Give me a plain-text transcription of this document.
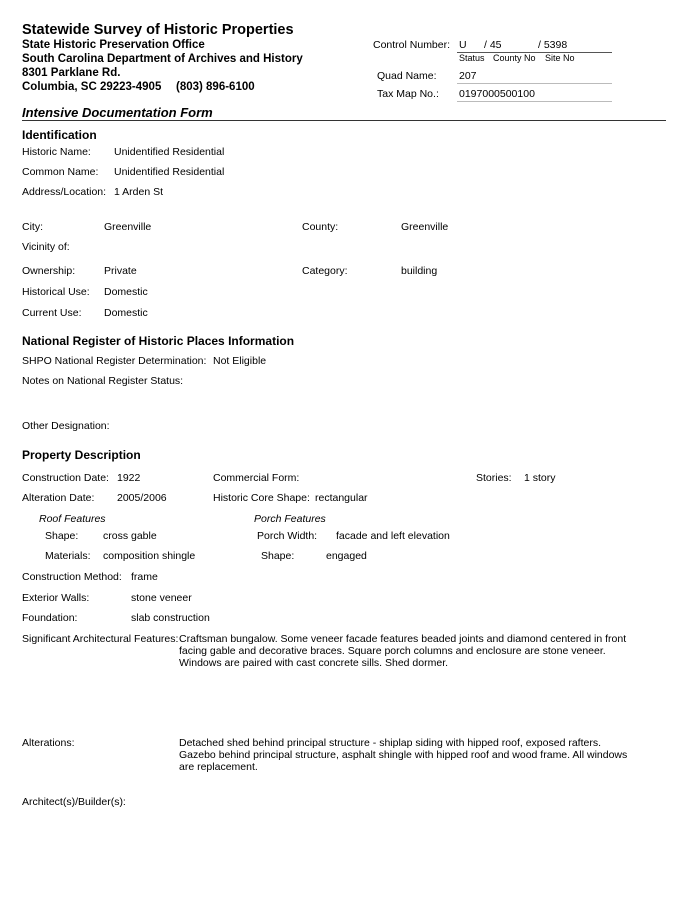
Statewide Survey of Historic Properties
State Historic Preservation Office
South Carolina Department of Archives and History
8301 Parklane Rd.
Columbia, SC 29223-4905 (803) 896-6100
Control Number: U / 45	/ 5398
Status County No Site No
Quad Name: 207
Tax Map No.: 0197000500100
Intensive Documentation Form
Identification
Historic Name: Unidentified Residential
Common Name: Unidentified Residential
Address/Location: 1 Arden St
City:	Greenville	County:	Greenville
Vicinity of:
Ownership:	Private	Category:	building
Historical Use: Domestic
Current Use: Domestic
National Register of Historic Places Information
SHPO National Register Determination: Not Eligible
Notes on National Register Status:
Other Designation:
Property Description
Construction Date: 1922	Commercial Form:	Stories: 1 story
Alteration Date: 2005/2006	Historic Core Shape: rectangular
Roof Features	Porch Features
Shape: cross gable	Porch Width: facade and left elevation
Materials: composition shingle	Shape:	engaged
Construction Method: frame
Exterior Walls:	stone veneer
Foundation:	slab construction
Significant Architectural Features: Craftsman bungalow. Some veneer facade features beaded joints and diamond centered in front
facing gable and decorative braces. Square porch columns and enclosure are stone veneer.
Windows are paired with cast concrete sills. Shed dormer.
Alterations:	Detached shed behind principal structure - shiplap siding with hipped roof, exposed rafters.
Gazebo behind principal structure, asphalt shingle with hipped roof and wood frame. All windows
are replacement.
Architect(s)/Builder(s):
